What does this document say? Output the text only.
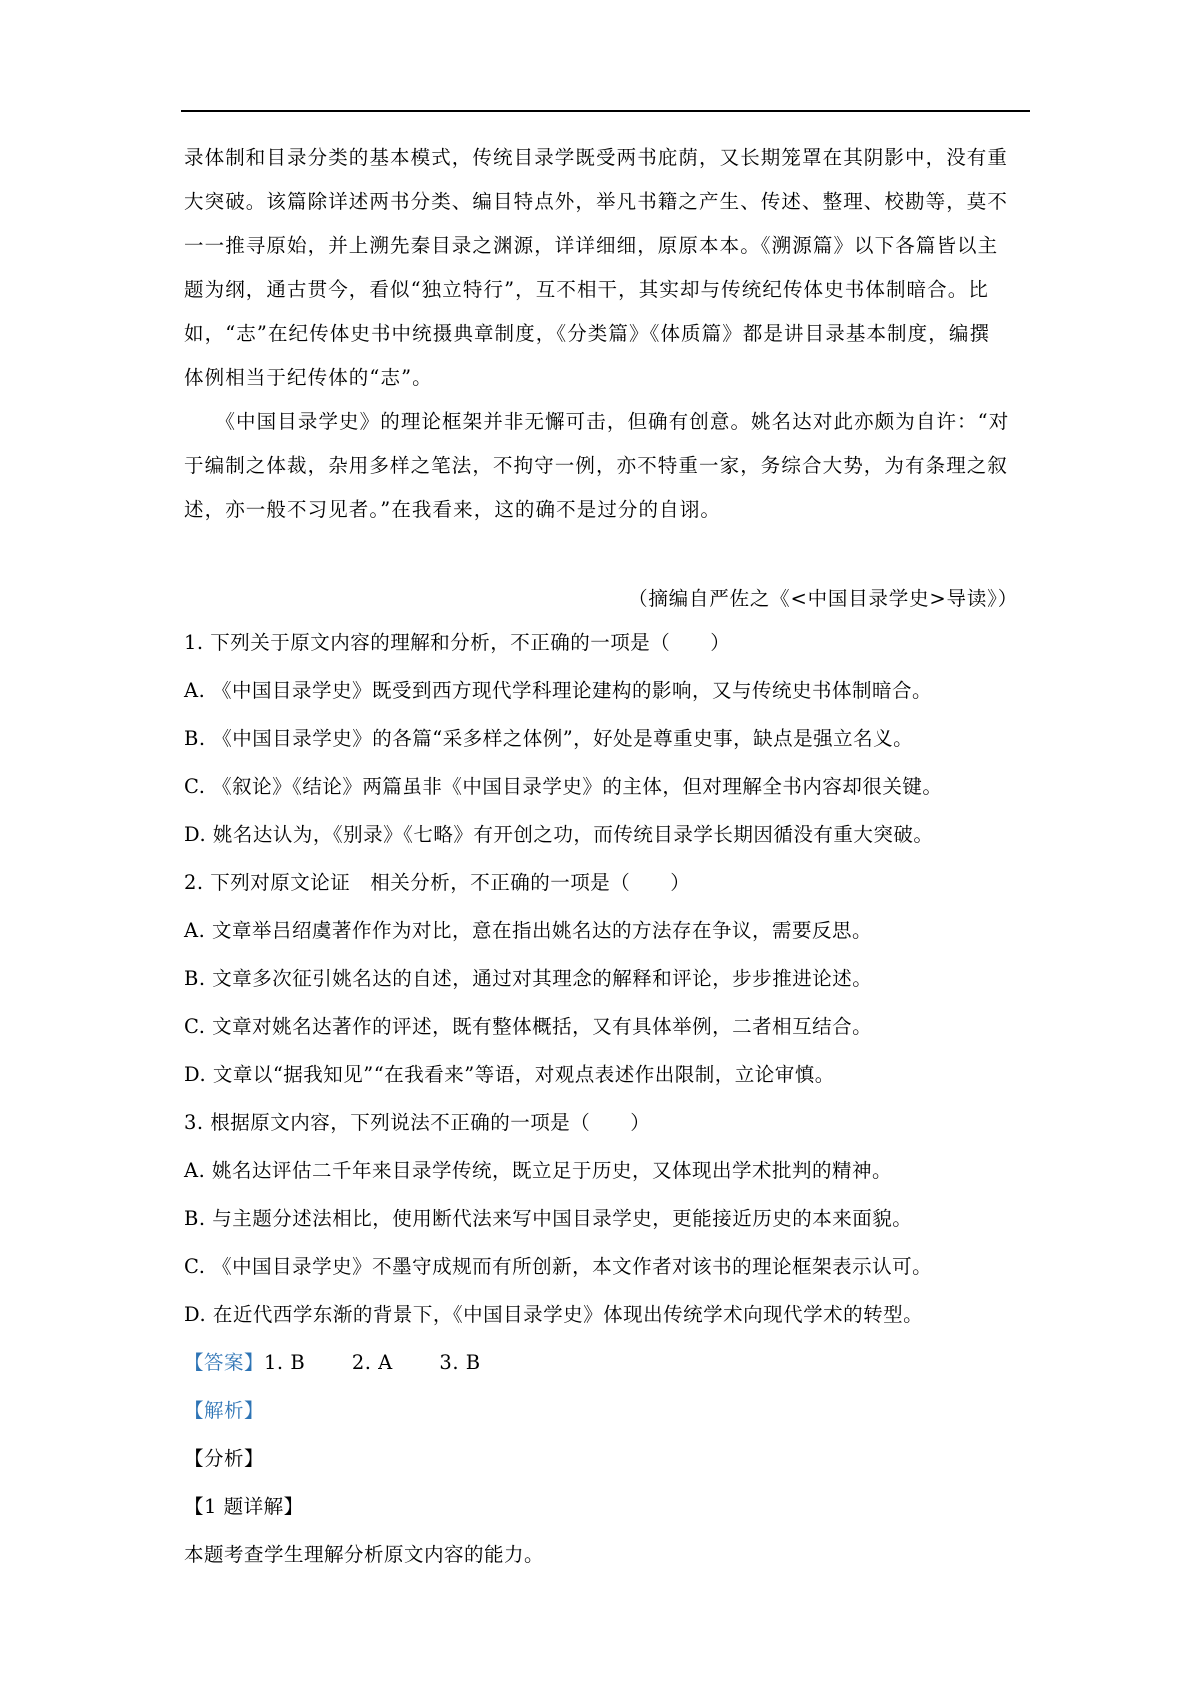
录体制和目录分类的基本模式，传统目录学既受两书庇荫，又长期笼罩在其阴影中，没有重
大突破。该篇除详述两书分类、编目特点外，举凡书籍之产生、传述、整理、校勘等，莫不
一一推寻原始，并上溯先秦目录之渊源，详详细细，原原本本。《溯源篇》以下各篇皆以主
题为纲，通古贯今，看似“独立特行”，互不相干，其实却与传统纪传体史书体制暗合。比
如，“志”在纪传体史书中统摄典章制度，《分类篇》《体质篇》都是讲目录基本制度，编撰
体例相当于纪传体的“志”。
　　《中国目录学史》的理论框架并非无懈可击，但确有创意。姚名达对此亦颇为自许：“对
于编制之体裁，杂用多样之笔法，不拘守一例，亦不特重一家，务综合大势，为有条理之叙
述，亦一般不习见者。”在我看来，这的确不是过分的自诩。
（摘编自严佐之《<中国目录学史>导读》）
1. 下列关于原文内容的理解和分析，不正确的一项是（　　）
A. 《中国目录学史》既受到西方现代学科理论建构的影响，又与传统史书体制暗合。
B. 《中国目录学史》的各篇“采多样之体例”，好处是尊重史事，缺点是强立名义。
C. 《叙论》《结论》两篇虽非《中国目录学史》的主体，但对理解全书内容却很关键。
D. 姚名达认为，《别录》《七略》有开创之功，而传统目录学长期因循没有重大突破。
2. 下列对原文论证　相关分析，不正确的一项是（　　）
A. 文章举吕绍虞著作作为对比，意在指出姚名达的方法存在争议，需要反思。
B. 文章多次征引姚名达的自述，通过对其理念的解释和评论，步步推进论述。
C. 文章对姚名达著作的评述，既有整体概括，又有具体举例，二者相互结合。
D. 文章以“据我知见”“在我看来”等语，对观点表述作出限制，立论审慎。
3. 根据原文内容，下列说法不正确的一项是（　　）
A. 姚名达评估二千年来目录学传统，既立足于历史，又体现出学术批判的精神。
B. 与主题分述法相比，使用断代法来写中国目录学史，更能接近历史的本来面貌。
C. 《中国目录学史》不墨守成规而有所创新，本文作者对该书的理论框架表示认可。
D. 在近代西学东渐的背景下，《中国目录学史》体现出传统学术向现代学术的转型。
【答案】1. B　　 2. A　　 3. B
【解析】
【分析】
【1 题详解】
本题考查学生理解分析原文内容的能力。
